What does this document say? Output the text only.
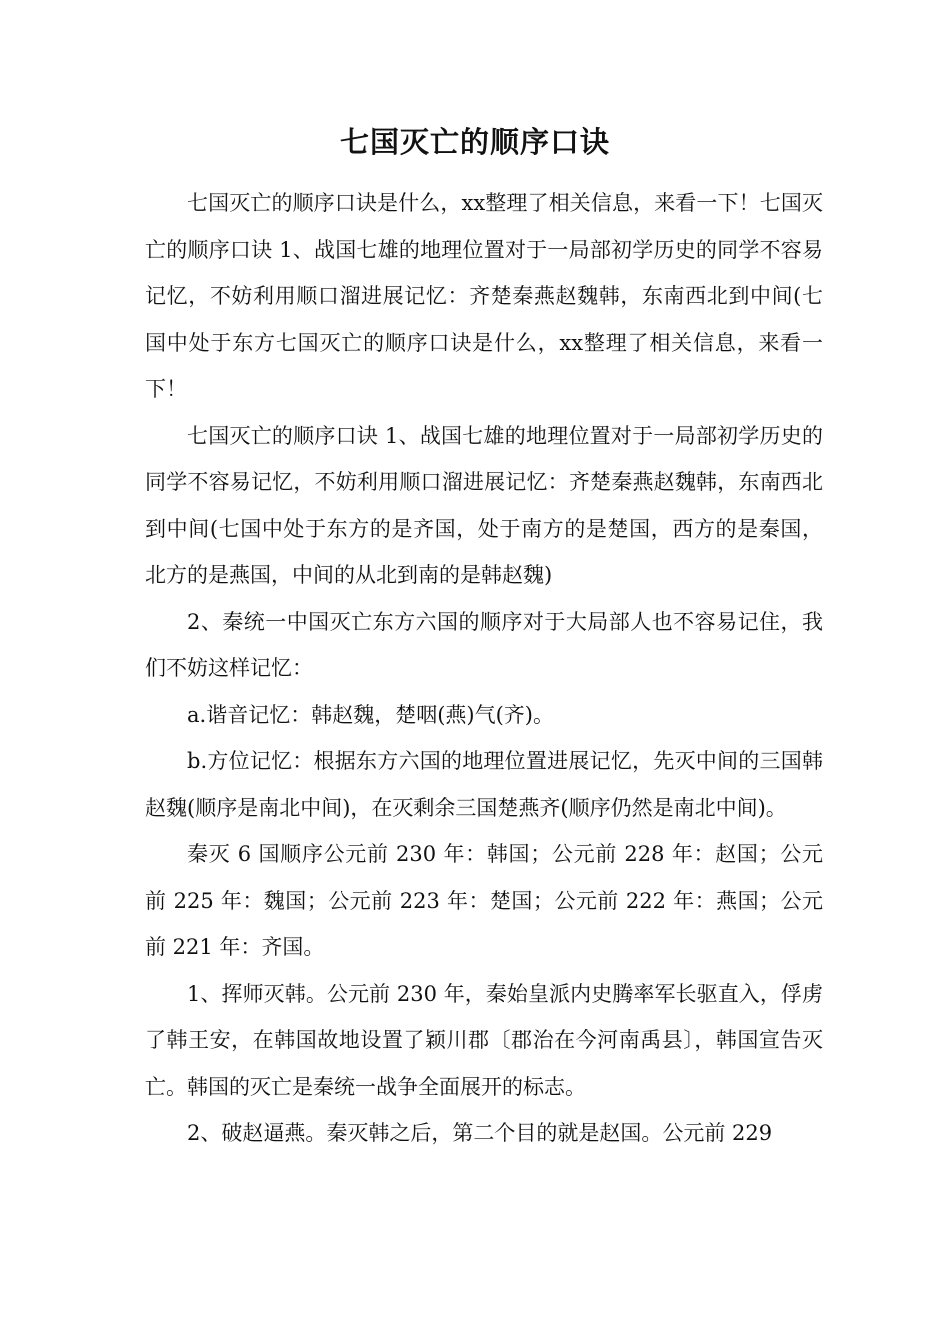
七国灭亡的顺序口诀

七国灭亡的顺序口诀是什么，xx整理了相关信息，来看一下！七国灭亡的顺序口诀 1、战国七雄的地理位置对于一局部初学历史的同学不容易记忆，不妨利用顺口溜进展记忆：齐楚秦燕赵魏韩，东南西北到中间(七国中处于东方七国灭亡的顺序口诀是什么，xx整理了相关信息，来看一下！

七国灭亡的顺序口诀 1、战国七雄的地理位置对于一局部初学历史的同学不容易记忆，不妨利用顺口溜进展记忆：齐楚秦燕赵魏韩，东南西北到中间(七国中处于东方的是齐国，处于南方的是楚国，西方的是秦国，北方的是燕国，中间的从北到南的是韩赵魏)

2、秦统一中国灭亡东方六国的顺序对于大局部人也不容易记住，我们不妨这样记忆：

a.谐音记忆：韩赵魏，楚咽(燕)气(齐)。

b.方位记忆：根据东方六国的地理位置进展记忆，先灭中间的三国韩赵魏(顺序是南北中间)，在灭剩余三国楚燕齐(顺序仍然是南北中间)。

秦灭 6 国顺序公元前 230 年：韩国；公元前 228 年：赵国；公元前 225 年：魏国；公元前 223 年：楚国；公元前 222 年：燕国；公元前 221 年：齐国。

1、挥师灭韩。公元前 230 年，秦始皇派内史腾率军长驱直入，俘虏了韩王安，在韩国故地设置了颖川郡〔郡治在今河南禹县〕，韩国宣告灭亡。韩国的灭亡是秦统一战争全面展开的标志。

2、破赵逼燕。秦灭韩之后，第二个目的就是赵国。公元前 229
